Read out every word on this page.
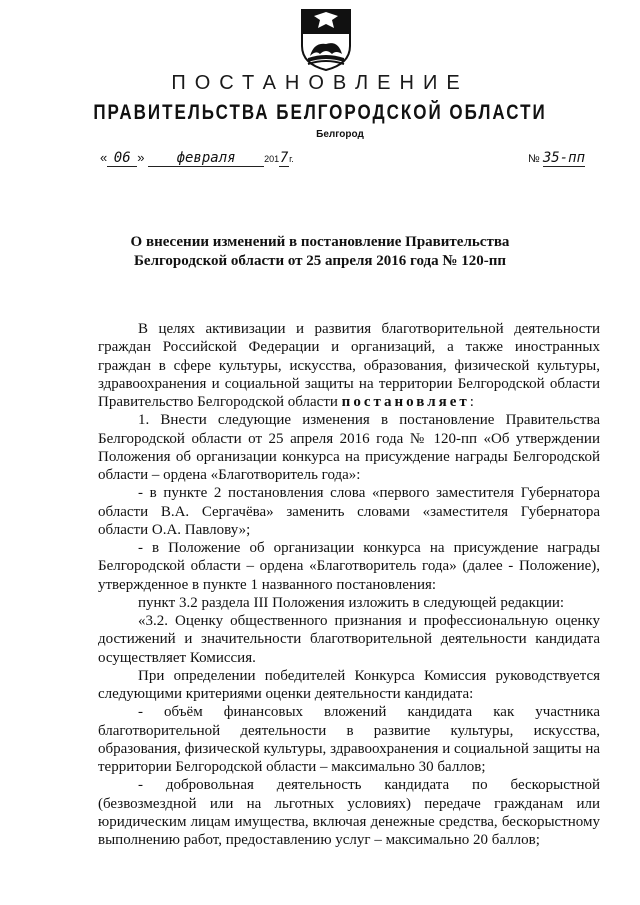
ПОСТАНОВЛЕНИЕ
ПРАВИТЕЛЬСТВА БЕЛГОРОДСКОЙ ОБЛАСТИ
Белгород
« 06 » февраля	2017г.	№ 35-пп
О внесении изменений в постановление Правительства
Белгородской области от 25 апреля 2016 года № 120-пп

В целях активизации и развития благотворительной деятельности граждан Российской Федерации и организаций, а также иностранных граждан в сфере культуры, искусства, образования, физической культуры, здравоохранения и социальной защиты на территории Белгородской области Правительство Белгородской области постановляет:

1. Внести следующие изменения в постановление Правительства Белгородской области от 25 апреля 2016 года № 120-пп «Об утверждении Положения об организации конкурса на присуждение награды Белгородской области – ордена «Благотворитель года»:

- в пункте 2 постановления слова «первого заместителя Губернатора области В.А. Сергачёва» заменить словами «заместителя Губернатора области О.А. Павлову»;

- в Положение об организации конкурса на присуждение награды Белгородской области – ордена «Благотворитель года» (далее - Положение), утвержденное в пункте 1 названного постановления:

пункт 3.2 раздела III Положения изложить в следующей редакции:

«3.2. Оценку общественного признания и профессиональную оценку достижений и значительности благотворительной деятельности кандидата осуществляет Комиссия.

При определении победителей Конкурса Комиссия руководствуется следующими критериями оценки деятельности кандидата:

- объём финансовых вложений кандидата как участника благотворительной деятельности в развитие культуры, искусства, образования, физической культуры, здравоохранения и социальной защиты на территории Белгородской области – максимально 30 баллов;

- добровольная деятельность кандидата по бескорыстной (безвозмездной или на льготных условиях) передаче гражданам или юридическим лицам имущества, включая денежные средства, бескорыстному выполнению работ, предоставлению услуг – максимально 20 баллов;
